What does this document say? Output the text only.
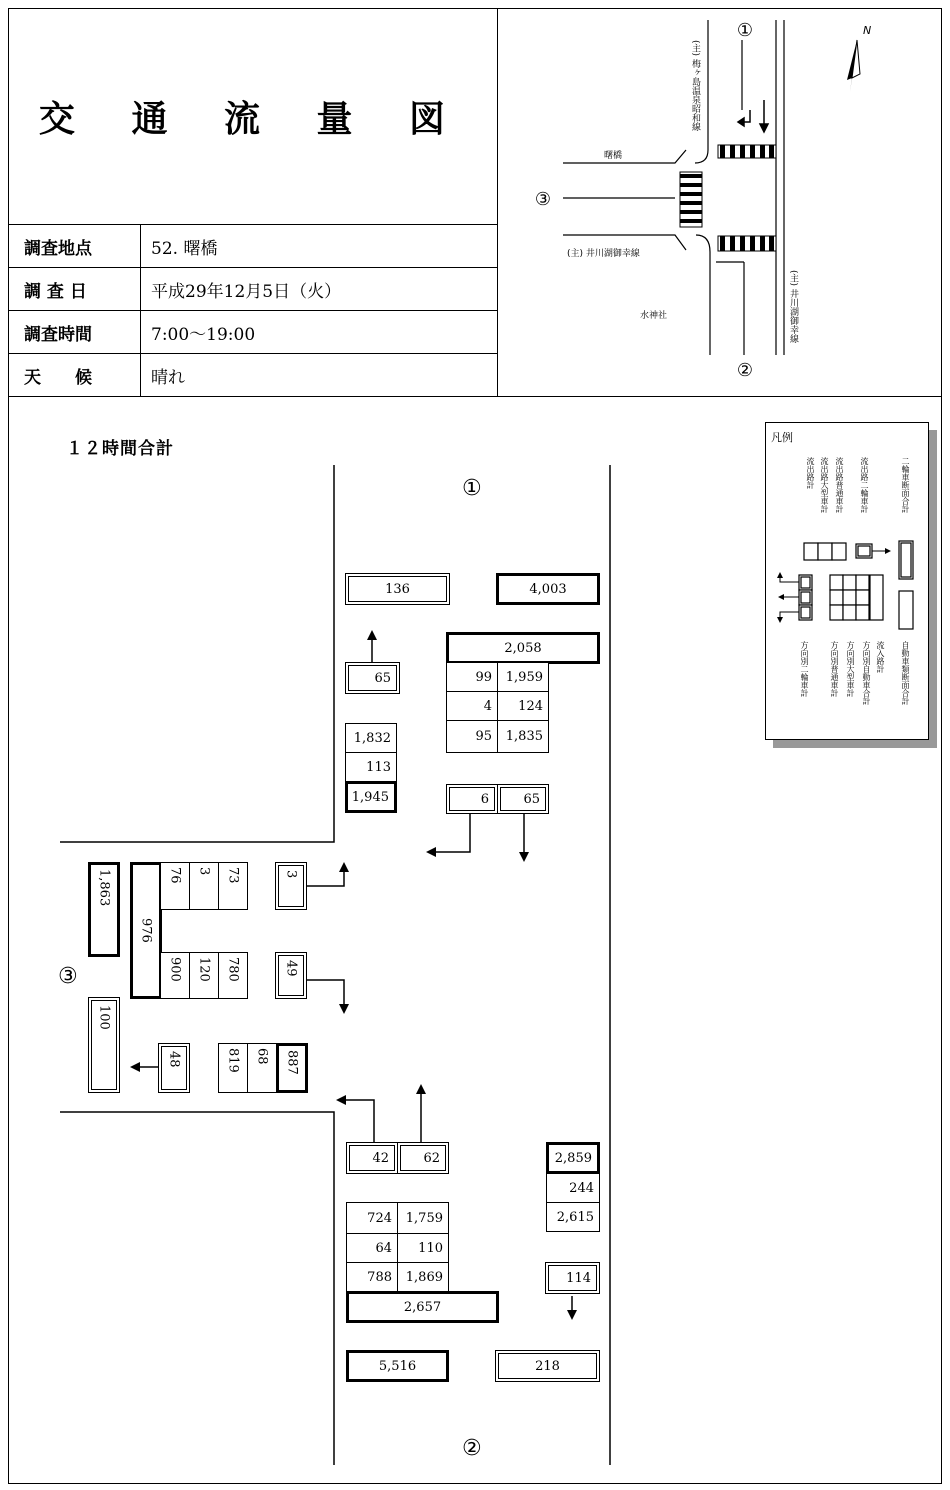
交 通 流 量 図
調査地点	52. 曙橋
調 査 日	平成29年12月5日（火）
調査時間	7:00～19:00
天　　候	晴れ
N
①
②
③
曙橋
(主) 井川湖御幸線
水神社
(主) 梅ヶ島温泉昭和線
(主) 井川湖御幸線
１２時間合計
①
②
③
136	4,003
2,058
99	1,959
4	124
95	1,835
65
1,832
113
1,945	6	65
1,863
976
76	3	73
900	120	780
3
49
100
48	819	68	887
42	62	2,859
244
2,615
724	1,759
64	110
788	1,869
2,657
114
5,516	218
凡例
流出路計 流出路大型車計 流出路普通車計 流出路二輪車計	二輪車断面合計
方向別二輪車計	方向別普通車計 方向別大型車計 方向別自動車合計 流入路計 自動車類断面合計
